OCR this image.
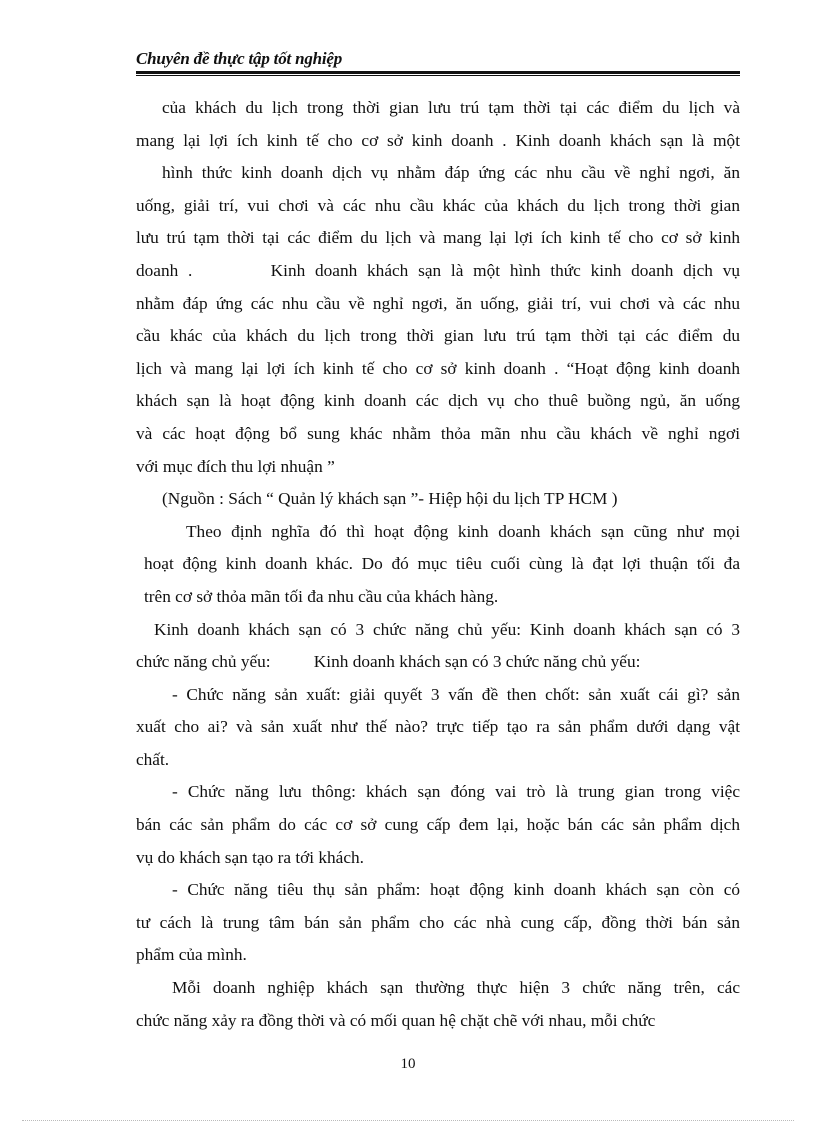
Chuyên đề thực tập tốt nghiệp
của khách du lịch trong thời gian lưu trú tạm thời tại các điểm du lịch và
mang lại lợi ích kinh tế cho cơ sở kinh doanh . Kinh doanh khách sạn là một
hình thức kinh doanh dịch vụ nhằm đáp ứng các nhu cầu về nghỉ ngơi, ăn
uống, giải trí, vui chơi và các nhu cầu khác của khách du lịch trong thời gian
lưu trú tạm thời tại các điểm du lịch và mang lại lợi ích kinh tế cho cơ sở kinh
doanh .        Kinh doanh khách sạn là một hình thức kinh doanh dịch vụ
nhằm đáp ứng các nhu cầu về nghỉ ngơi, ăn uống, giải trí, vui chơi và các nhu
cầu khác của khách du lịch trong thời gian lưu trú tạm thời tại các điểm du
lịch và mang lại lợi ích kinh tế cho cơ sở kinh doanh . “Hoạt động kinh doanh
khách sạn là hoạt động kinh doanh các dịch vụ cho thuê buồng ngủ, ăn uống
và các hoạt động bổ sung khác nhằm thỏa mãn nhu cầu khách về nghỉ ngơi
với mục đích thu lợi nhuận ”
(Nguồn : Sách “ Quản lý khách sạn ”- Hiệp hội du lịch TP HCM )
Theo định nghĩa đó thì hoạt động kinh doanh khách sạn cũng như mọi
hoạt động kinh doanh khác. Do đó mục tiêu cuối cùng là đạt lợi thuận tối đa
trên cơ sở thỏa mãn tối đa nhu cầu của khách hàng.
Kinh doanh khách sạn có 3 chức năng chủ yếu: Kinh doanh khách sạn có 3
chức năng chủ yếu:          Kinh doanh khách sạn có 3 chức năng chủ yếu:
- Chức năng sản xuất: giải quyết 3 vấn đề then chốt: sản xuất cái gì? sản
xuất cho ai? và sản xuất như thế nào? trực tiếp tạo ra sản phẩm dưới dạng vật
chất.
- Chức năng lưu thông: khách sạn đóng vai trò là trung gian trong việc
bán các sản phẩm do các cơ sở cung cấp đem lại, hoặc bán các sản phẩm dịch
vụ do khách sạn tạo ra tới khách.
- Chức năng tiêu thụ sản phẩm: hoạt động kinh doanh khách sạn còn có
tư cách là trung tâm bán sản phẩm cho các nhà cung cấp, đồng thời bán sản
phẩm của mình.
Mỗi doanh nghiệp khách sạn thường thực hiện 3 chức năng trên, các
chức năng xảy ra đồng thời và có mối quan hệ chặt chẽ với nhau, mỗi chức
10
